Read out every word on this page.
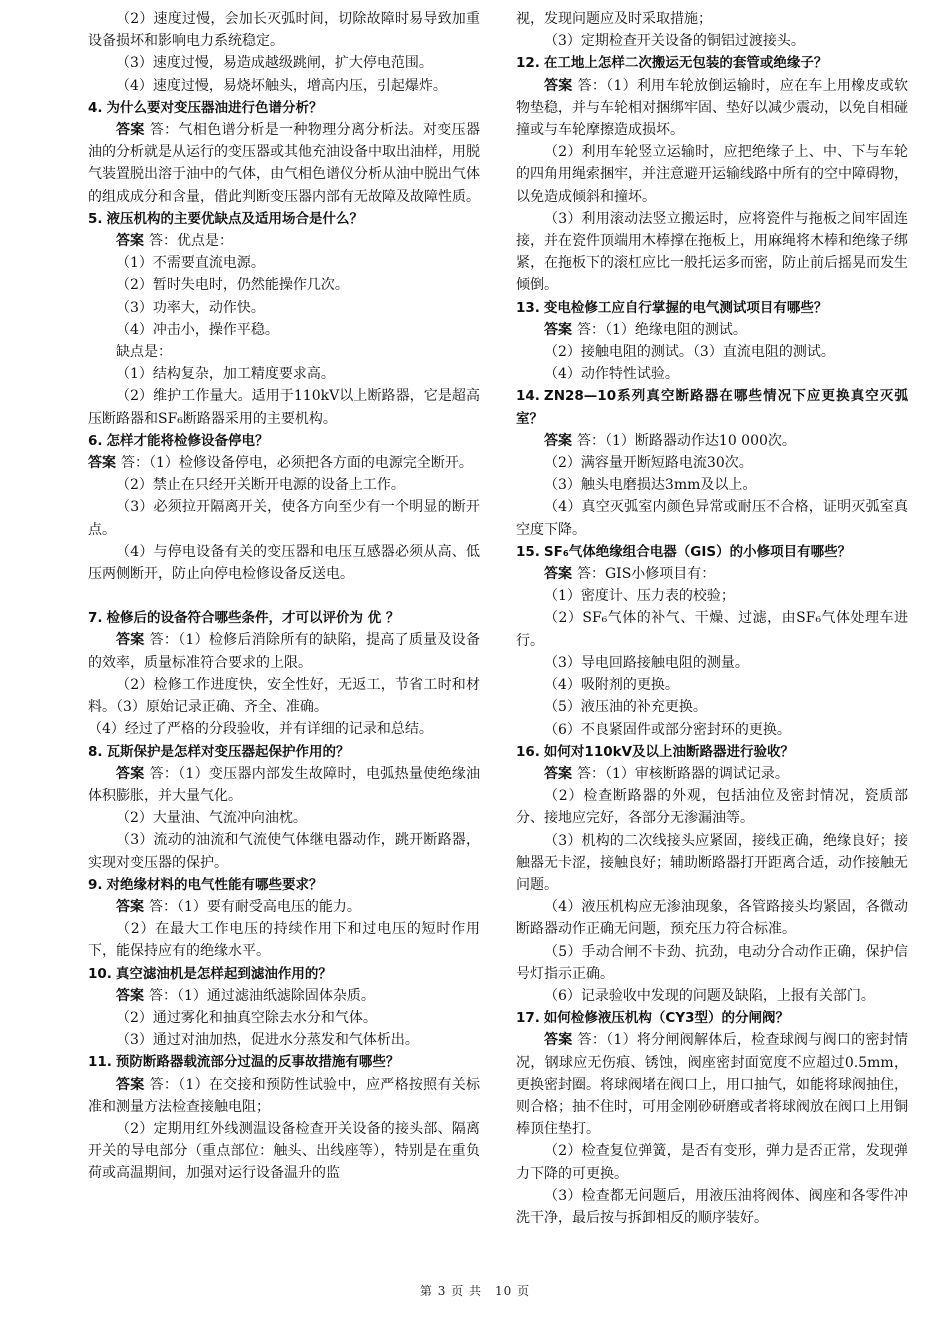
（2）速度过慢，会加长灭弧时间，切除故障时易导致加重设备损坏和影响电力系统稳定。

（3）速度过慢，易造成越级跳闸，扩大停电范围。

（4）速度过慢，易烧坏触头，增高内压，引起爆炸。

4. 为什么要对变压器油进行色谱分析？

答案 答：气相色谱分析是一种物理分离分析法。对变压器油的分析就是从运行的变压器或其他充油设备中取出油样，用脱气装置脱出溶于油中的气体，由气相色谱仪分析从油中脱出气体的组成成分和含量，借此判断变压器内部有无故障及故障性质。

5. 液压机构的主要优缺点及适用场合是什么？

答案 答：优点是：

（1）不需要直流电源。

（2）暂时失电时，仍然能操作几次。

（3）功率大，动作快。

（4）冲击小，操作平稳。

缺点是：

（1）结构复杂，加工精度要求高。

（2）维护工作量大。适用于110kV以上断路器，它是超高压断路器和SF₆断路器采用的主要机构。

6. 怎样才能将检修设备停电？

答案 答：（1）检修设备停电，必须把各方面的电源完全断开。

（2）禁止在只经开关断开电源的设备上工作。

（3）必须拉开隔离开关，使各方向至少有一个明显的断开点。

（4）与停电设备有关的变压器和电压互感器必须从高、低压两侧断开，防止向停电检修设备反送电。

7. 检修后的设备符合哪些条件，才可以评价为 优 ？

答案 答：（1）检修后消除所有的缺陷，提高了质量及设备的效率，质量标准符合要求的上限。

（2）检修工作进度快，安全性好，无返工，节省工时和材料。（3）原始记录正确、齐全、准确。

（4）经过了严格的分段验收，并有详细的记录和总结。

8. 瓦斯保护是怎样对变压器起保护作用的？

答案 答：（1）变压器内部发生故障时，电弧热量使绝缘油体积膨胀，并大量气化。

（2）大量油、气流冲向油枕。

（3）流动的油流和气流使气体继电器动作，跳开断路器，实现对变压器的保护。

9. 对绝缘材料的电气性能有哪些要求？

答案 答：（1）要有耐受高电压的能力。

（2）在最大工作电压的持续作用下和过电压的短时作用下，能保持应有的绝缘水平。

10. 真空滤油机是怎样起到滤油作用的？

答案 答：（1）通过滤油纸滤除固体杂质。

（2）通过雾化和抽真空除去水分和气体。

（3）通过对油加热，促进水分蒸发和气体析出。

11. 预防断路器载流部分过温的反事故措施有哪些？

答案 答：（1）在交接和预防性试验中，应严格按照有关标准和测量方法检查接触电阻；

（2）定期用红外线测温设备检查开关设备的接头部、隔离开关的导电部分（重点部位：触头、出线座等），特别是在重负荷或高温期间，加强对运行设备温升的监

视，发现问题应及时采取措施；

（3）定期检查开关设备的铜铝过渡接头。

12. 在工地上怎样二次搬运无包装的套管或绝缘子？

答案 答：（1）利用车轮放倒运输时，应在车上用橡皮或软物垫稳，并与车轮相对捆绑牢固、垫好以减少震动，以免自相碰撞或与车轮摩擦造成损坏。

（2）利用车轮竖立运输时，应把绝缘子上、中、下与车轮的四角用绳索捆牢，并注意避开运输线路中所有的空中障碍物，以免造成倾斜和撞坏。

（3）利用滚动法竖立搬运时，应将瓷件与拖板之间牢固连接，并在瓷件顶端用木棒撑在拖板上，用麻绳将木棒和绝缘子绑紧，在拖板下的滚杠应比一般托运多而密，防止前后摇晃而发生倾倒。

13. 变电检修工应自行掌握的电气测试项目有哪些？

答案 答：（1）绝缘电阻的测试。

（2）接触电阻的测试。（3）直流电阻的测试。

（4）动作特性试验。

14. ZN28—10系列真空断路器在哪些情况下应更换真空灭弧室？

答案 答：（1）断路器动作达10 000次。

（2）满容量开断短路电流30次。

（3）触头电磨损达3mm及以上。

（4）真空灭弧室内颜色异常或耐压不合格，证明灭弧室真空度下降。

15. SF₆气体绝缘组合电器（GIS）的小修项目有哪些？

答案 答：GIS小修项目有：

（1）密度计、压力表的校验；

（2）SF₆气体的补气、干燥、过滤，由SF₆气体处理车进行。

（3）导电回路接触电阻的测量。

（4）吸附剂的更换。

（5）液压油的补充更换。

（6）不良紧固件或部分密封环的更换。

16. 如何对110kV及以上油断路器进行验收？

答案 答：（1）审核断路器的调试记录。

（2）检查断路器的外观，包括油位及密封情况，瓷质部分、接地应完好，各部分无渗漏油等。

（3）机构的二次线接头应紧固，接线正确，绝缘良好；接触器无卡涩，接触良好；辅助断路器打开距离合适，动作接触无问题。

（4）液压机构应无渗油现象，各管路接头均紧固，各微动断路器动作正确无问题，预充压力符合标准。

（5）手动合闸不卡劲、抗劲，电动分合动作正确，保护信号灯指示正确。

（6）记录验收中发现的问题及缺陷，上报有关部门。

17. 如何检修液压机构（CY3型）的分闸阀？

答案 答：（1）将分闸阀解体后，检查球阀与阀口的密封情况，钢球应无伤痕、锈蚀，阀座密封面宽度不应超过0.5mm，更换密封圈。将球阀堵在阀口上，用口抽气，如能将球阀抽住，则合格；抽不住时，可用金刚砂研磨或者将球阀放在阀口上用铜棒顶住垫打。

（2）检查复位弹簧，是否有变形，弹力是否正常，发现弹力下降的可更换。

（3）检查都无问题后，用液压油将阀体、阀座和各零件冲洗干净，最后按与拆卸相反的顺序装好。

第 3 页 共　10 页
